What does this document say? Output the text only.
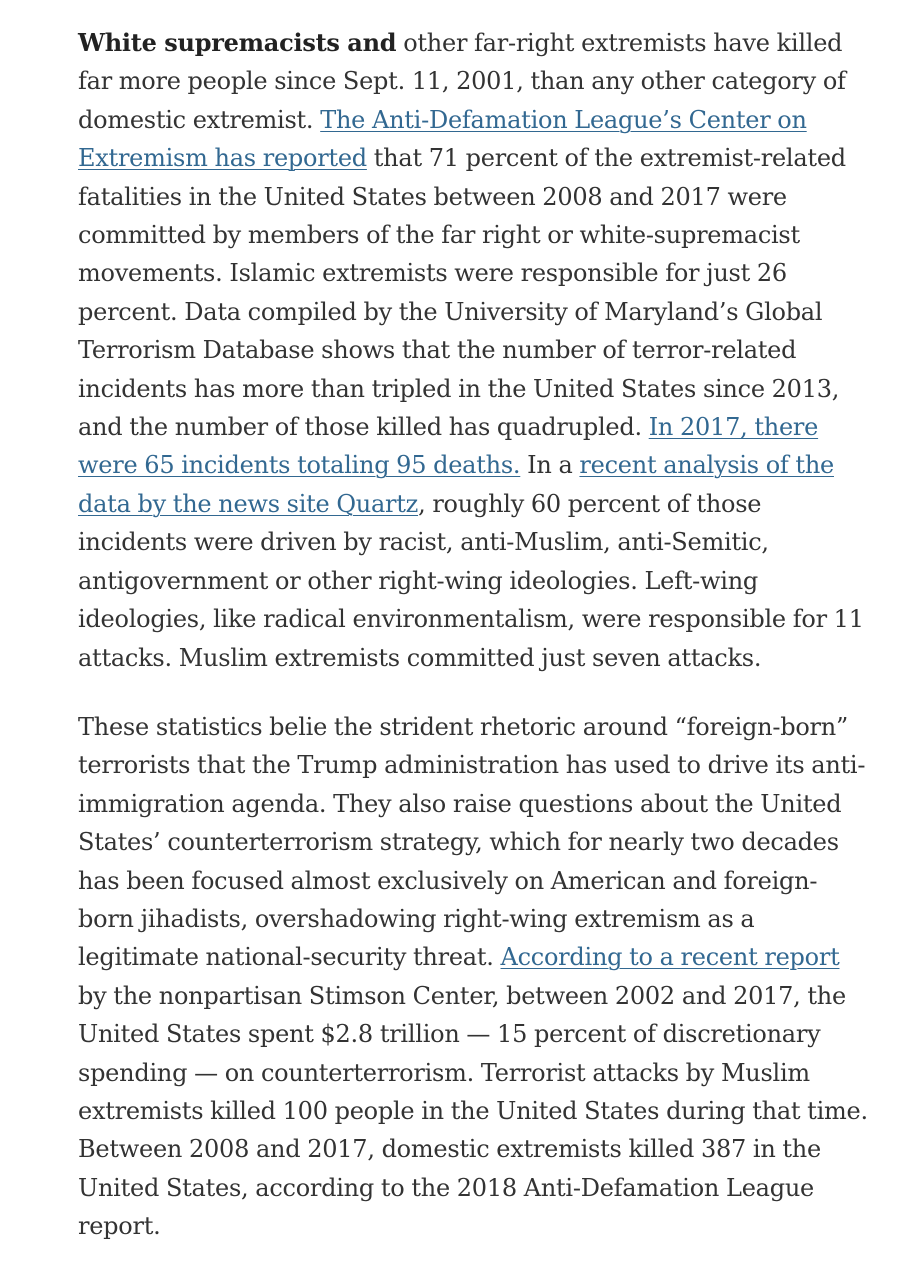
White supremacists and other far-right extremists have killed far more people since Sept. 11, 2001, than any other category of domestic extremist. The Anti-Defamation League’s Center on Extremism has reported that 71 percent of the extremist-related fatalities in the United States between 2008 and 2017 were committed by members of the far right or white-supremacist movements. Islamic extremists were responsible for just 26 percent. Data compiled by the University of Maryland’s Global Terrorism Database shows that the number of terror-related incidents has more than tripled in the United States since 2013, and the number of those killed has quadrupled. In 2017, there were 65 incidents totaling 95 deaths. In a recent analysis of the data by the news site Quartz, roughly 60 percent of those incidents were driven by racist, anti-Muslim, anti-Semitic, antigovernment or other right-wing ideologies. Left-wing ideologies, like radical environmentalism, were responsible for 11 attacks. Muslim extremists committed just seven attacks.

These statistics belie the strident rhetoric around “foreign-born” terrorists that the Trump administration has used to drive its anti-immigration agenda. They also raise questions about the United States’ counterterrorism strategy, which for nearly two decades has been focused almost exclusively on American and foreign-born jihadists, overshadowing right-wing extremism as a legitimate national-security threat. According to a recent report by the nonpartisan Stimson Center, between 2002 and 2017, the United States spent $2.8 trillion — 15 percent of discretionary spending — on counterterrorism. Terrorist attacks by Muslim extremists killed 100 people in the United States during that time. Between 2008 and 2017, domestic extremists killed 387 in the United States, according to the 2018 Anti-Defamation League report.
